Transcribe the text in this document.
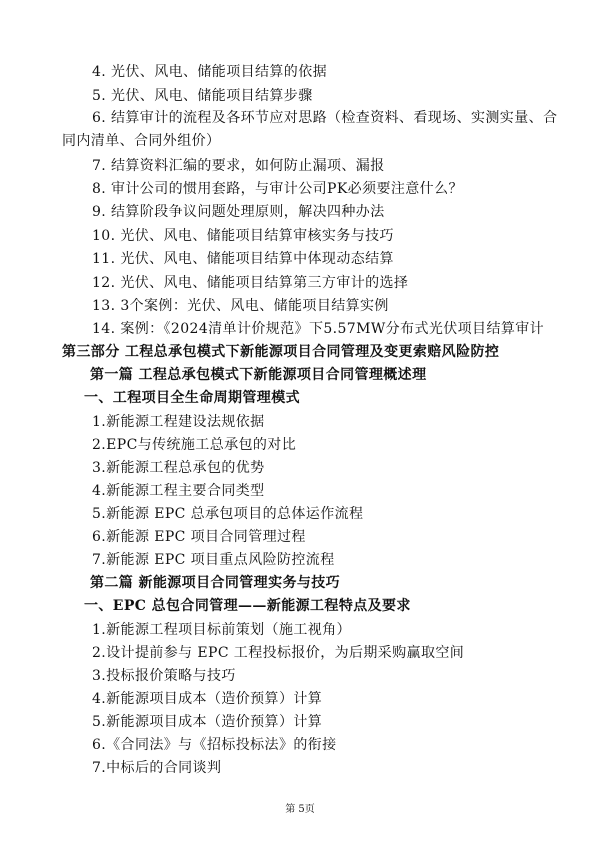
4. 光伏、风电、储能项目结算的依据
5. 光伏、风电、储能项目结算步骤
6. 结算审计的流程及各环节应对思路（检查资料、看现场、实测实量、合同内清单、合同外组价）
7. 结算资料汇编的要求，如何防止漏项、漏报
8. 审计公司的惯用套路，与审计公司PK必须要注意什么？
9. 结算阶段争议问题处理原则，解决四种办法
10. 光伏、风电、储能项目结算审核实务与技巧
11. 光伏、风电、储能项目结算中体现动态结算
12. 光伏、风电、储能项目结算第三方审计的选择
13. 3个案例：光伏、风电、储能项目结算实例
14. 案例：《2024清单计价规范》下5.57MW分布式光伏项目结算审计
第三部分 工程总承包模式下新能源项目合同管理及变更索赔风险防控
第一篇 工程总承包模式下新能源项目合同管理概述理
一、工程项目全生命周期管理模式
1.新能源工程建设法规依据
2.EPC与传统施工总承包的对比
3.新能源工程总承包的优势
4.新能源工程主要合同类型
5.新能源 EPC 总承包项目的总体运作流程
6.新能源 EPC 项目合同管理过程
7.新能源 EPC 项目重点风险防控流程
第二篇 新能源项目合同管理实务与技巧
一、EPC 总包合同管理——新能源工程特点及要求
1.新能源工程项目标前策划（施工视角）
2.设计提前参与 EPC 工程投标报价，为后期采购赢取空间
3.投标报价策略与技巧
4.新能源项目成本（造价预算）计算
5.新能源项目成本（造价预算）计算
6.《合同法》与《招标投标法》的衔接
7.中标后的合同谈判
第 5页
